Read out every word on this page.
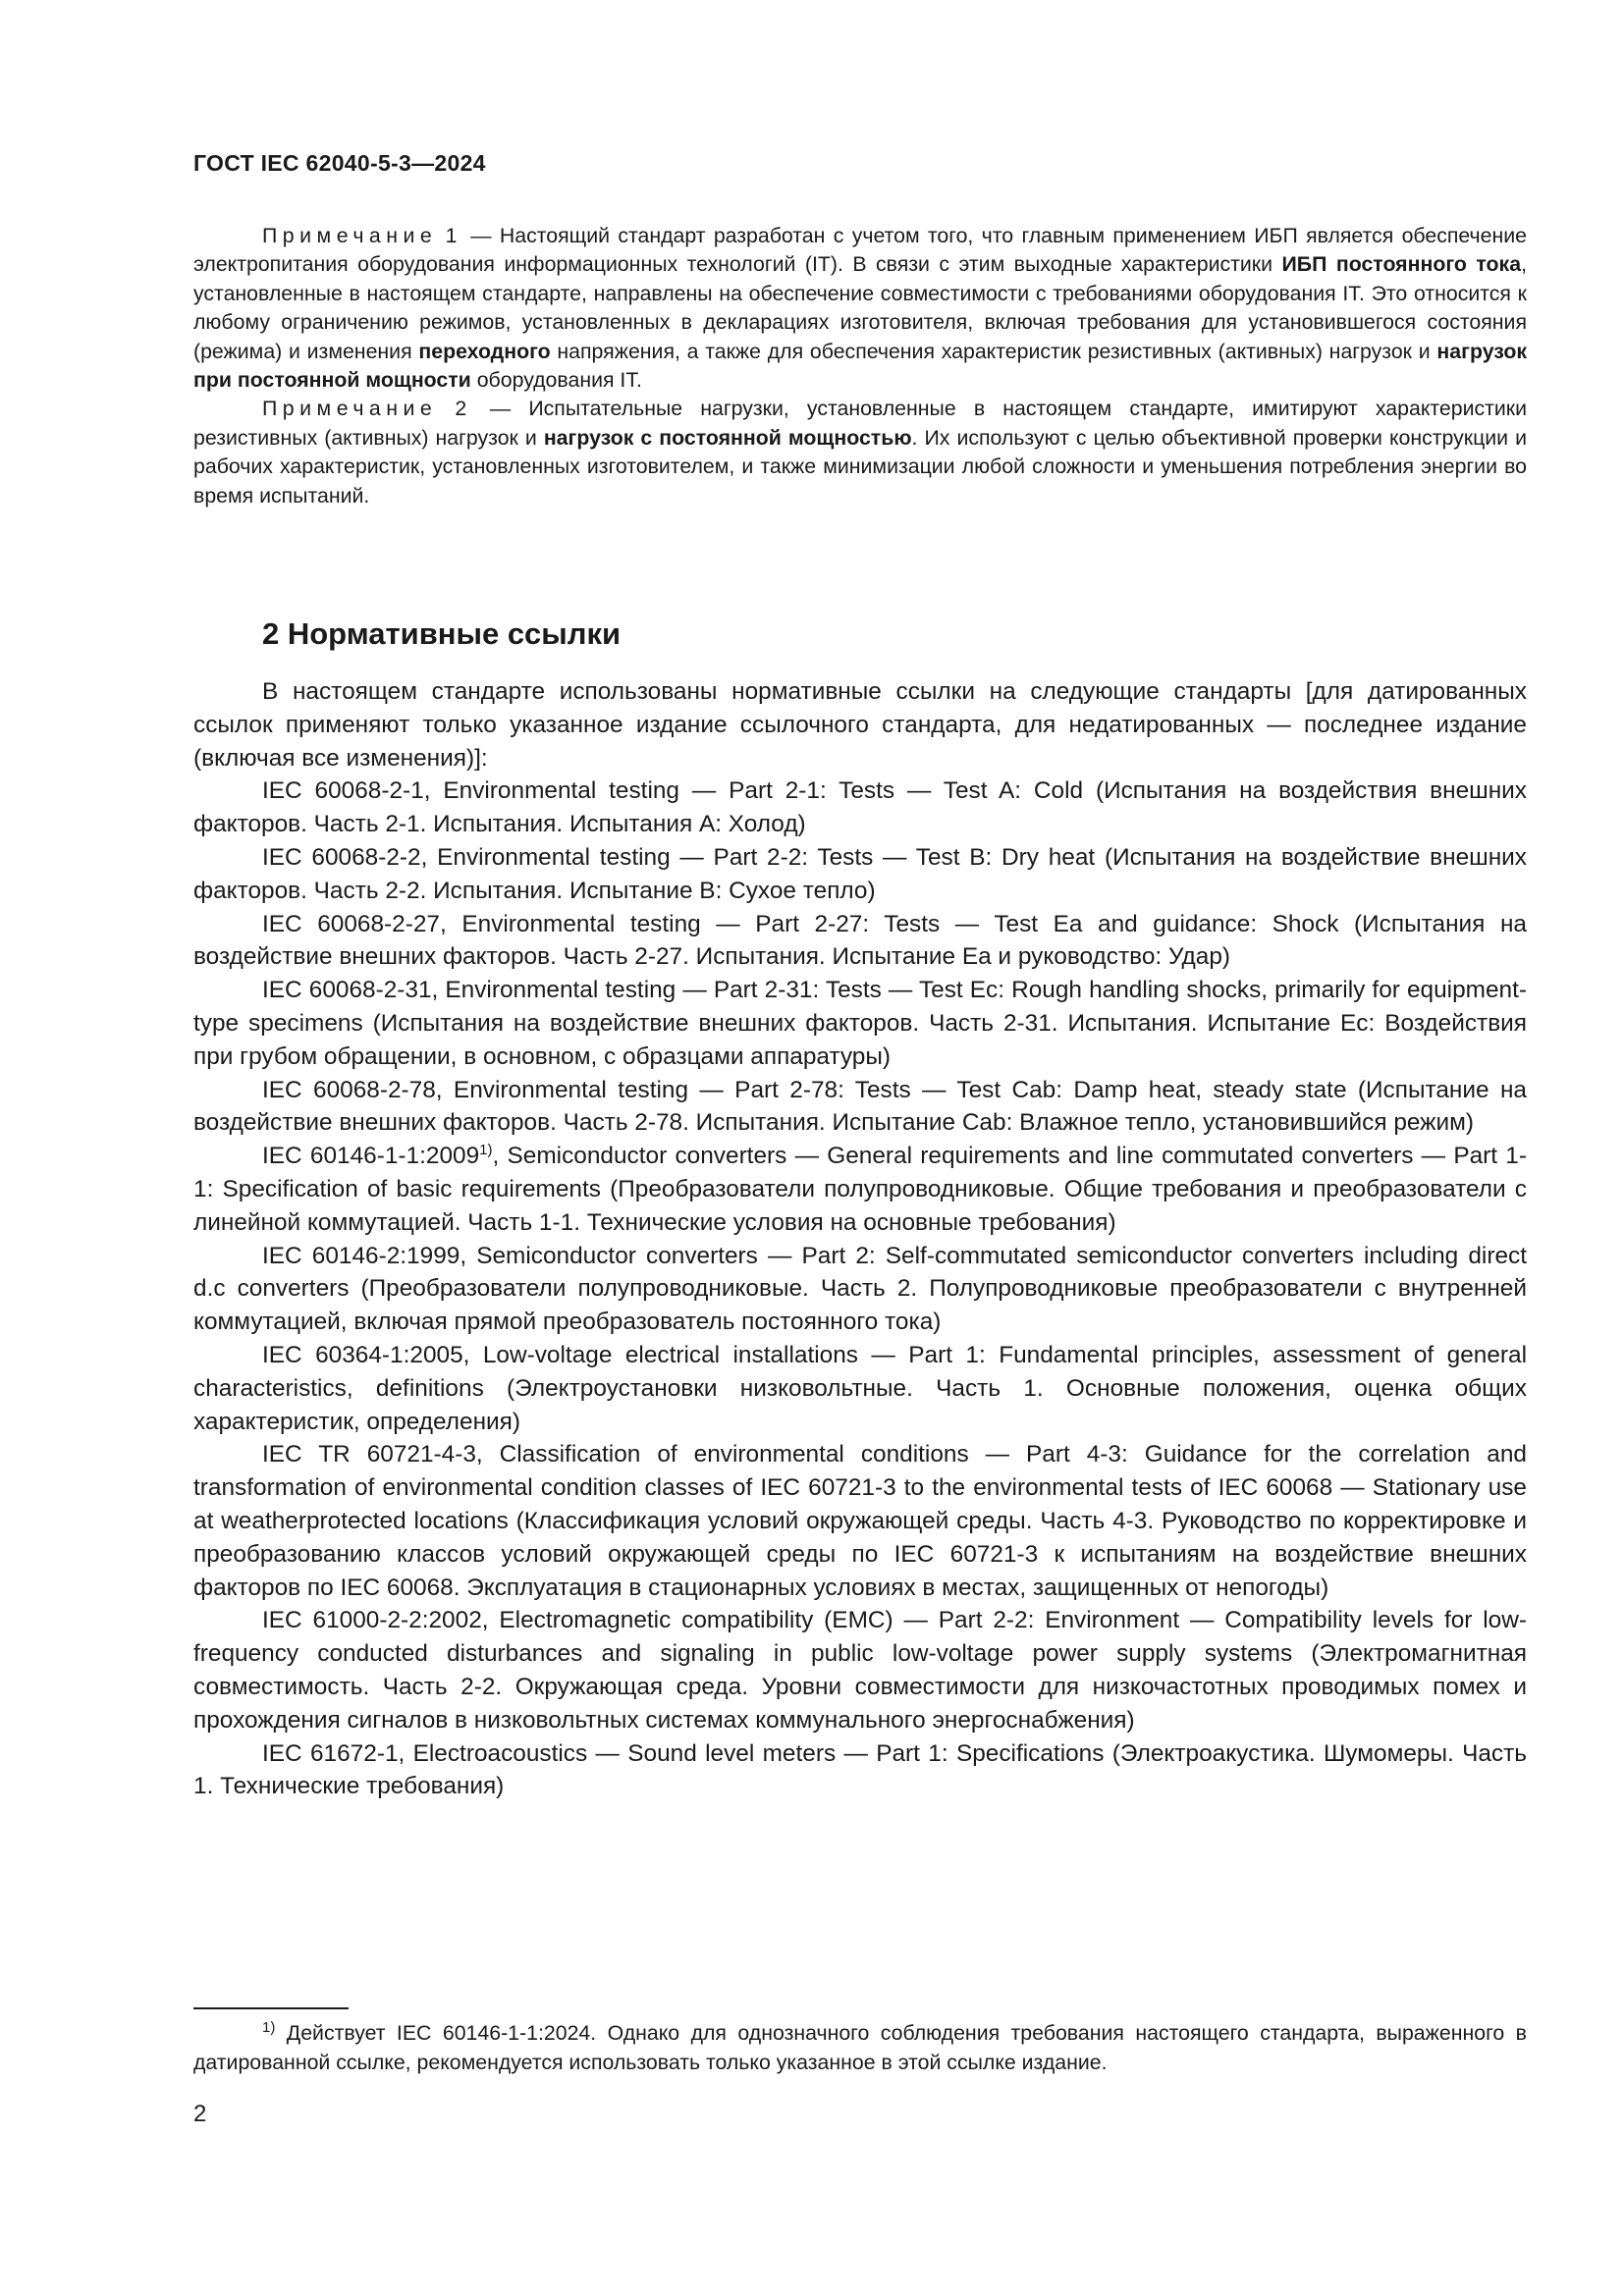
ГОСТ IEC 62040-5-3—2024

Примечание 1 — Настоящий стандарт разработан с учетом того, что главным применением ИБП является обеспечение электропитания оборудования информационных технологий (IT). В связи с этим выходные характеристики ИБП постоянного тока, установленные в настоящем стандарте, направлены на обеспечение совместимости с требованиями оборудования IT. Это относится к любому ограничению режимов, установленных в декларациях изготовителя, включая требования для установившегося состояния (режима) и изменения переходного напряжения, а также для обеспечения характеристик резистивных (активных) нагрузок и нагрузок при постоянной мощности оборудования IT.

Примечание 2 — Испытательные нагрузки, установленные в настоящем стандарте, имитируют характеристики резистивных (активных) нагрузок и нагрузок с постоянной мощностью. Их используют с целью объективной проверки конструкции и рабочих характеристик, установленных изготовителем, и также минимизации любой сложности и уменьшения потребления энергии во время испытаний.

2 Нормативные ссылки

В настоящем стандарте использованы нормативные ссылки на следующие стандарты [для датированных ссылок применяют только указанное издание ссылочного стандарта, для недатированных — последнее издание (включая все изменения)]:

IEC 60068-2-1, Environmental testing — Part 2-1: Tests — Test A: Cold (Испытания на воздействия внешних факторов. Часть 2-1. Испытания. Испытания А: Холод)

IEC 60068-2-2, Environmental testing — Part 2-2: Tests — Test B: Dry heat (Испытания на воздействие внешних факторов. Часть 2-2. Испытания. Испытание В: Сухое тепло)

IEC 60068-2-27, Environmental testing — Part 2-27: Tests — Test Ea and guidance: Shock (Испытания на воздействие внешних факторов. Часть 2-27. Испытания. Испытание Ea и руководство: Удар)

IEC 60068-2-31, Environmental testing — Part 2-31: Tests — Test Ec: Rough handling shocks, primarily for equipment-type specimens (Испытания на воздействие внешних факторов. Часть 2-31. Испытания. Испытание Ec: Воздействия при грубом обращении, в основном, с образцами аппаратуры)

IEC 60068-2-78, Environmental testing — Part 2-78: Tests — Test Cab: Damp heat, steady state (Испытание на воздействие внешних факторов. Часть 2-78. Испытания. Испытание Cab: Влажное тепло, установившийся режим)

IEC 60146-1-1:2009$^{1)}$, Semiconductor converters — General requirements and line commutated converters — Part 1-1: Specification of basic requirements (Преобразователи полупроводниковые. Общие требования и преобразователи с линейной коммутацией. Часть 1-1. Технические условия на основные требования)

IEC 60146-2:1999, Semiconductor converters — Part 2: Self-commutated semiconductor converters including direct d.c converters (Преобразователи полупроводниковые. Часть 2. Полупроводниковые преобразователи с внутренней коммутацией, включая прямой преобразователь постоянного тока)

IEC 60364-1:2005, Low-voltage electrical installations — Part 1: Fundamental principles, assessment of general characteristics, definitions (Электроустановки низковольтные. Часть 1. Основные положения, оценка общих характеристик, определения)

IEC TR 60721-4-3, Classification of environmental conditions — Part 4-3: Guidance for the correlation and transformation of environmental condition classes of IEC 60721-3 to the environmental tests of IEC 60068 — Stationary use at weatherprotected locations (Классификация условий окружающей среды. Часть 4-3. Руководство по корректировке и преобразованию классов условий окружающей среды по IEC 60721-3 к испытаниям на воздействие внешних факторов по IEC 60068. Эксплуатация в стационарных условиях в местах, защищенных от непогоды)

IEC 61000-2-2:2002, Electromagnetic compatibility (EMC) — Part 2-2: Environment — Compatibility levels for low-frequency conducted disturbances and signaling in public low-voltage power supply systems (Электромагнитная совместимость. Часть 2-2. Окружающая среда. Уровни совместимости для низкочастотных проводимых помех и прохождения сигналов в низковольтных системах коммунального энергоснабжения)

IEC 61672-1, Electroacoustics — Sound level meters — Part 1: Specifications (Электроакустика. Шумомеры. Часть 1. Технические требования)

$^{1)}$ Действует IEC 60146-1-1:2024. Однако для однозначного соблюдения требования настоящего стандарта, выраженного в датированной ссылке, рекомендуется использовать только указанное в этой ссылке издание.

2
